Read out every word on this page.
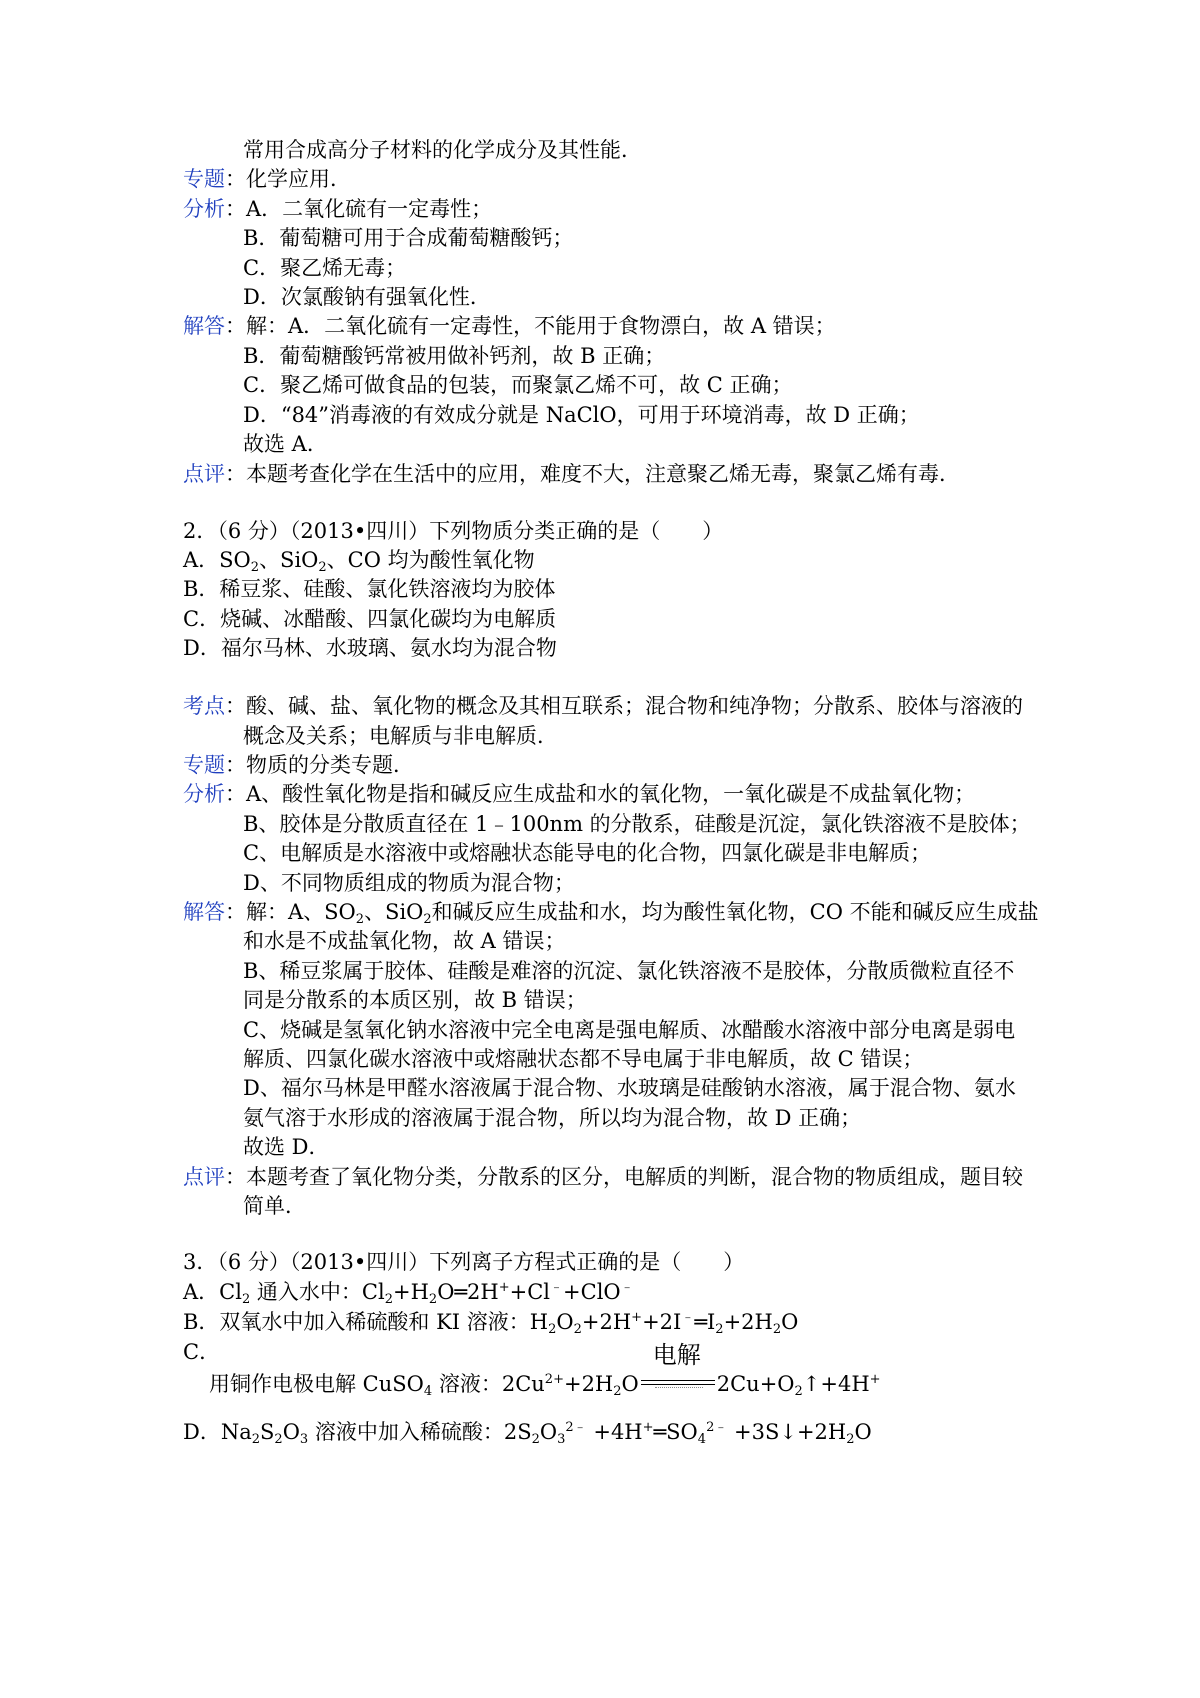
常用合成高分子材料的化学成分及其性能．
专题：化学应用．
分析：A．二氧化硫有一定毒性；
B．葡萄糖可用于合成葡萄糖酸钙；
C．聚乙烯无毒；
D．次氯酸钠有强氧化性．
解答：解：A．二氧化硫有一定毒性，不能用于食物漂白，故 A 错误；
B．葡萄糖酸钙常被用做补钙剂，故 B 正确；
C．聚乙烯可做食品的包装，而聚氯乙烯不可，故 C 正确；
D．“84”消毒液的有效成分就是 NaClO，可用于环境消毒，故 D 正确；
故选 A．
点评：本题考查化学在生活中的应用，难度不大，注意聚乙烯无毒，聚氯乙烯有毒．
2．（6 分）（2013•四川）下列物质分类正确的是（　　）
A．$SO_2$、SiO$_2$、CO 均为酸性氧化物
B．稀豆浆、硅酸、氯化铁溶液均为胶体
C．烧碱、冰醋酸、四氯化碳均为电解质
D．福尔马林、水玻璃、氨水均为混合物
考点：酸、碱、盐、氧化物的概念及其相互联系；混合物和纯净物；分散系、胶体与溶液的
概念及关系；电解质与非电解质．
专题：物质的分类专题．
分析：A、酸性氧化物是指和碱反应生成盐和水的氧化物，一氧化碳是不成盐氧化物；
B、胶体是分散质直径在 1﹣100nm 的分散系，硅酸是沉淀，氯化铁溶液不是胶体；
C、电解质是水溶液中或熔融状态能导电的化合物，四氯化碳是非电解质；
D、不同物质组成的物质为混合物；
解答：解：A、$SO_2$、SiO$_2$和碱反应生成盐和水，均为酸性氧化物，CO 不能和碱反应生成盐
和水是不成盐氧化物，故 A 错误；
B、稀豆浆属于胶体、硅酸是难溶的沉淀、氯化铁溶液不是胶体，分散质微粒直径不
同是分散系的本质区别，故 B 错误；
C、烧碱是氢氧化钠水溶液中完全电离是强电解质、冰醋酸水溶液中部分电离是弱电
解质、四氯化碳水溶液中或熔融状态都不导电属于非电解质，故 C 错误；
D、福尔马林是甲醛水溶液属于混合物、水玻璃是硅酸钠水溶液，属于混合物、氨水
氨气溶于水形成的溶液属于混合物，所以均为混合物，故 D 正确；
故选 D．
点评：本题考查了氧化物分类，分散系的区分，电解质的判断，混合物的物质组成，题目较
简单．
3．（6 分）（2013•四川）下列离子方程式正确的是（　　）
A．$Cl_2$ 通入水中：$Cl_2+H_2O═2H^++Cl^﹣+ClO^﹣$
B．双氧水中加入稀硫酸和 KI 溶液：$H_2O_2+2H^++2I^﹣═I_2+2H_2O$
C．
用铜作电极电解 CuSO$_4$ 溶液：$2Cu^{2+}+2H_2O$
电解
$2Cu+O_2↑+4H^+$
D．$Na_2S_2O_3$ 溶液中加入稀硫酸：$2S_2O_3^{2﹣}$ $+4H^+═SO_4^{2﹣}$ $+3S↓+2H_2O$
